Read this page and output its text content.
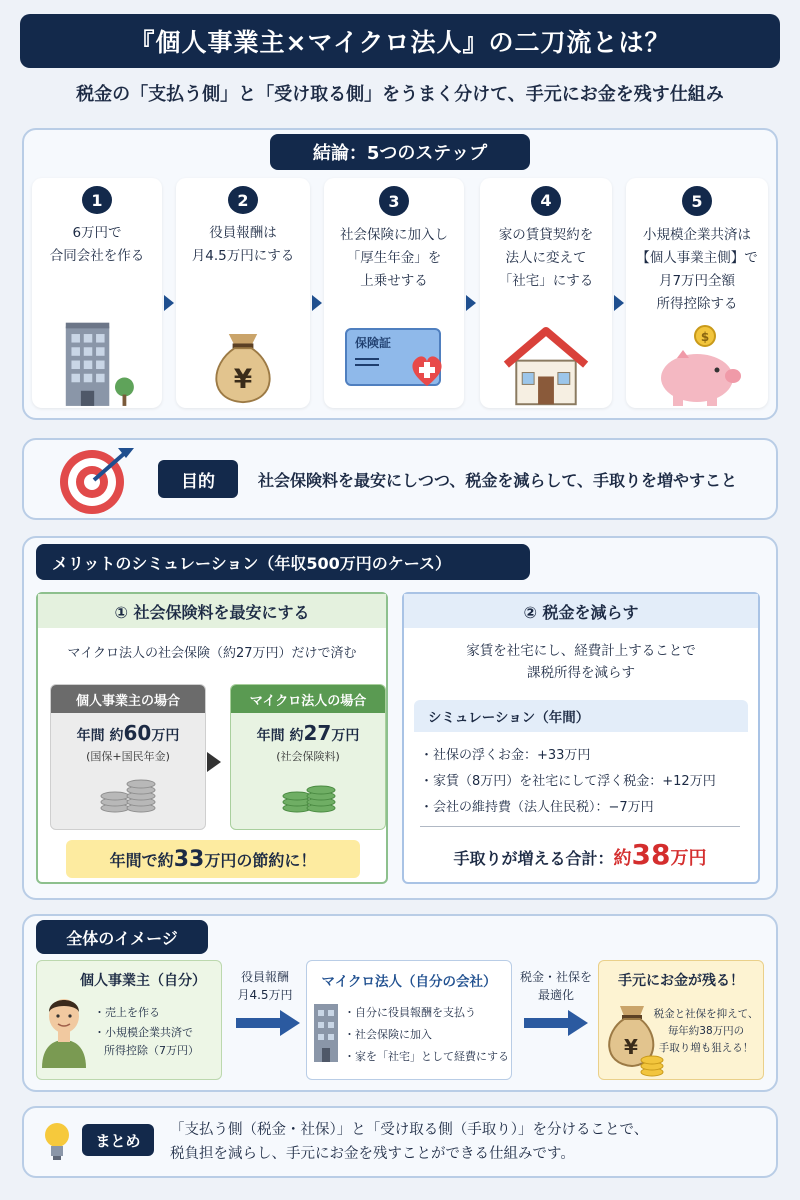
『個人事業主×マイクロ法人』の二刀流とは？
税金の「支払う側」と「受け取る側」をうまく分けて、手元にお金を残す仕組み
結論：5つのステップ
1
6万円で
合同会社を作る
2
役員報酬は
月4.5万円にする
¥
3
社会保険に加入し
「厚生年金」を
上乗せする
保険証
4
家の賃貸契約を
法人に変えて
「社宅」にする
5
小規模企業共済は
【個人事業主側】で
月7万円全額
所得控除する
$
目的	社会保険料を最安にしつつ、税金を減らして、手取りを増やすこと
メリットのシミュレーション（年収500万円のケース）
① 社会保険料を最安にする
マイクロ法人の社会保険（約27万円）だけで済む
個人事業主の場合
年間 約60万円
(国保+国民年金)
マイクロ法人の場合
年間 約27万円
(社会保険料)
年間で約 33 万円の節約に！
② 税金を減らす
家賃を社宅にし、経費計上することで
課税所得を減らす
シミュレーション（年間）
・社保の浮くお金：+33万円
・家賃（8万円）を社宅にして浮く税金：+12万円
・会社の維持費（法人住民税）：−7万円
手取りが増える合計：約38万円
全体のイメージ
個人事業主（自分）
・売上を作る
・小規模企業共済で
所得控除（7万円）
役員報酬
月4.5万円
マイクロ法人（自分の会社）
・自分に役員報酬を支払う
・社会保険に加入
・家を「社宅」として経費にする
税金・社保を
最適化
手元にお金が残る！
¥
税金と社保を抑えて、
毎年約38万円の
手取り増も狙える！
まとめ
「支払う側（税金・社保）」と「受け取る側（手取り）」を分けることで、
税負担を減らし、手元にお金を残すことができる仕組みです。
